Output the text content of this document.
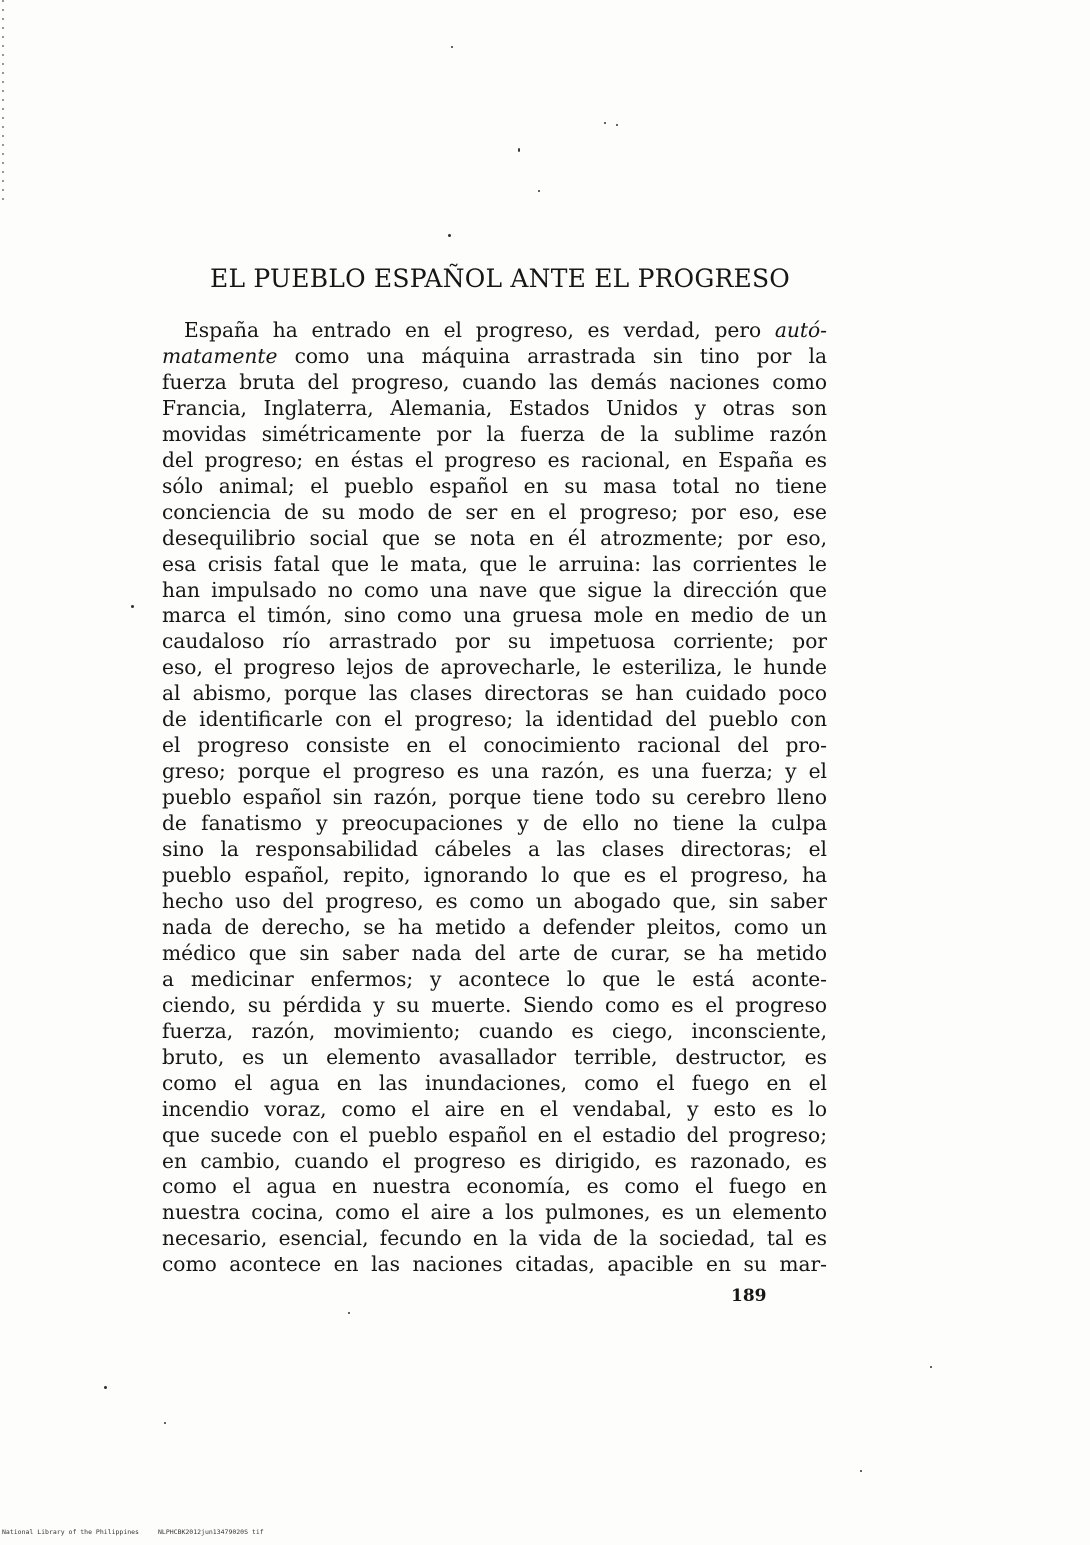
EL PUEBLO ESPAÑOL ANTE EL PROGRESO
España ha entrado en el progreso, es verdad, pero autó-
matamente como una máquina arrastrada sin tino por la
fuerza bruta del progreso, cuando las demás naciones como
Francia, Inglaterra, Alemania, Estados Unidos y otras son
movidas simétricamente por la fuerza de la sublime razón
del progreso; en éstas el progreso es racional, en España es
sólo animal; el pueblo español en su masa total no tiene
conciencia de su modo de ser en el progreso; por eso, ese
desequilibrio social que se nota en él atrozmente; por eso,
esa crisis fatal que le mata, que le arruina: las corrientes le
han impulsado no como una nave que sigue la dirección que
marca el timón, sino como una gruesa mole en medio de un
caudaloso río arrastrado por su impetuosa corriente; por
eso, el progreso lejos de aprovecharle, le esteriliza, le hunde
al abismo, porque las clases directoras se han cuidado poco
de identificarle con el progreso; la identidad del pueblo con
el progreso consiste en el conocimiento racional del pro-
greso; porque el progreso es una razón, es una fuerza; y el
pueblo español sin razón, porque tiene todo su cerebro lleno
de fanatismo y preocupaciones y de ello no tiene la culpa
sino la responsabilidad cábeles a las clases directoras; el
pueblo español, repito, ignorando lo que es el progreso, ha
hecho uso del progreso, es como un abogado que, sin saber
nada de derecho, se ha metido a defender pleitos, como un
médico que sin saber nada del arte de curar, se ha metido
a medicinar enfermos; y acontece lo que le está aconte-
ciendo, su pérdida y su muerte. Siendo como es el progreso
fuerza, razón, movimiento; cuando es ciego, inconsciente,
bruto, es un elemento avasallador terrible, destructor, es
como el agua en las inundaciones, como el fuego en el
incendio voraz, como el aire en el vendabal, y esto es lo
que sucede con el pueblo español en el estadio del progreso;
en cambio, cuando el progreso es dirigido, es razonado, es
como el agua en nuestra economía, es como el fuego en
nuestra cocina, como el aire a los pulmones, es un elemento
necesario, esencial, fecundo en la vida de la sociedad, tal es
como acontece en las naciones citadas, apacible en su mar-
189
National Library of the Philippines	NLPHCBK2012jun13479020S tif
